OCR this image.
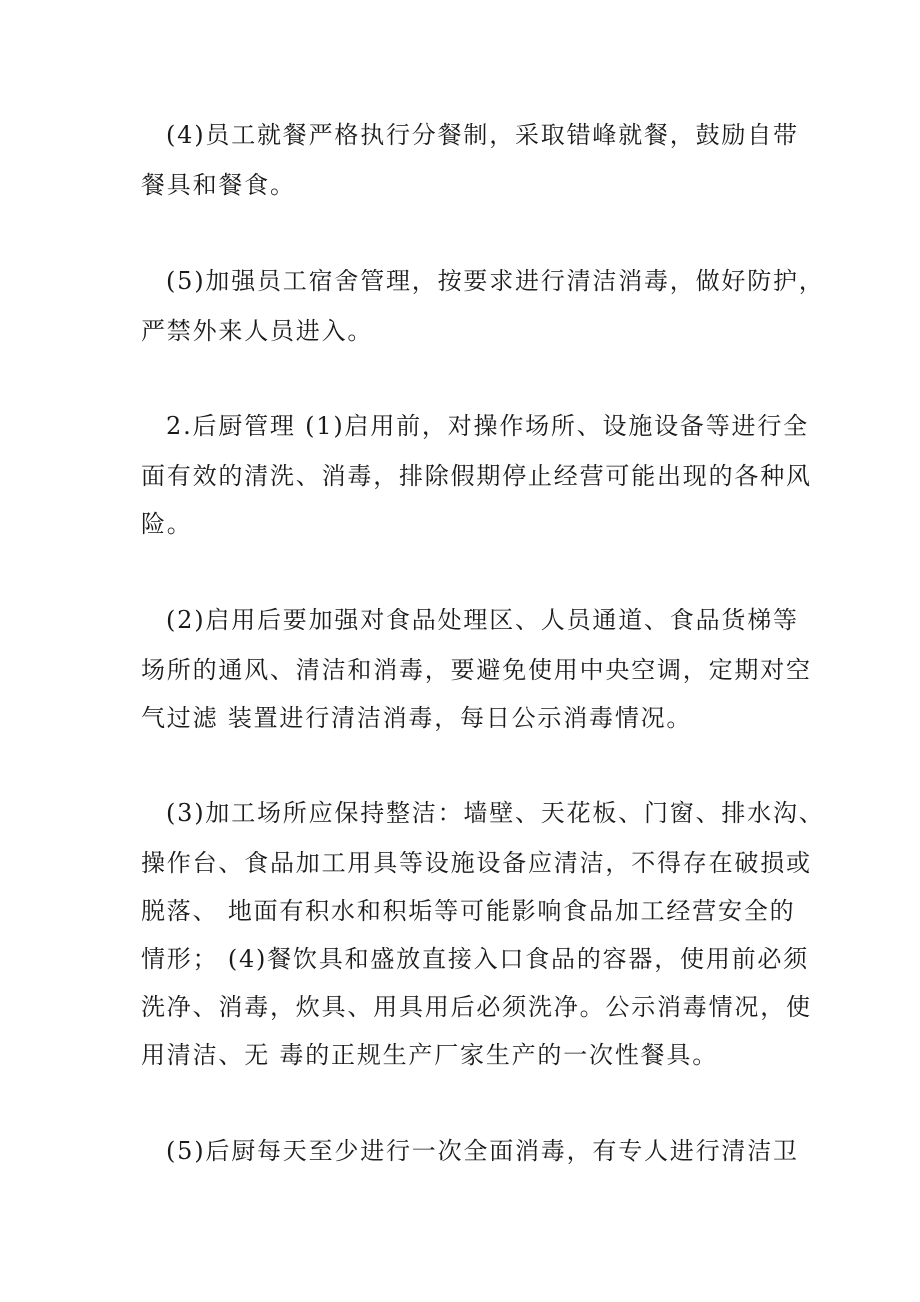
(4)员工就餐严格执行分餐制，采取错峰就餐，鼓励自带
餐具和餐食。
(5)加强员工宿舍管理，按要求进行清洁消毒，做好防护，
严禁外来人员进入。
2.后厨管理 (1)启用前，对操作场所、设施设备等进行全
面有效的清洗、消毒，排除假期停止经营可能出现的各种风
险。
(2)启用后要加强对食品处理区、人员通道、食品货梯等
场所的通风、清洁和消毒，要避免使用中央空调，定期对空
气过滤 装置进行清洁消毒，每日公示消毒情况。
(3)加工场所应保持整洁：墙壁、天花板、门窗、排水沟、
操作台、食品加工用具等设施设备应清洁，不得存在破损或
脱落、 地面有积水和积垢等可能影响食品加工经营安全的
情形； (4)餐饮具和盛放直接入口食品的容器，使用前必须
洗净、消毒，炊具、用具用后必须洗净。公示消毒情况，使
用清洁、无 毒的正规生产厂家生产的一次性餐具。
(5)后厨每天至少进行一次全面消毒，有专人进行清洁卫
